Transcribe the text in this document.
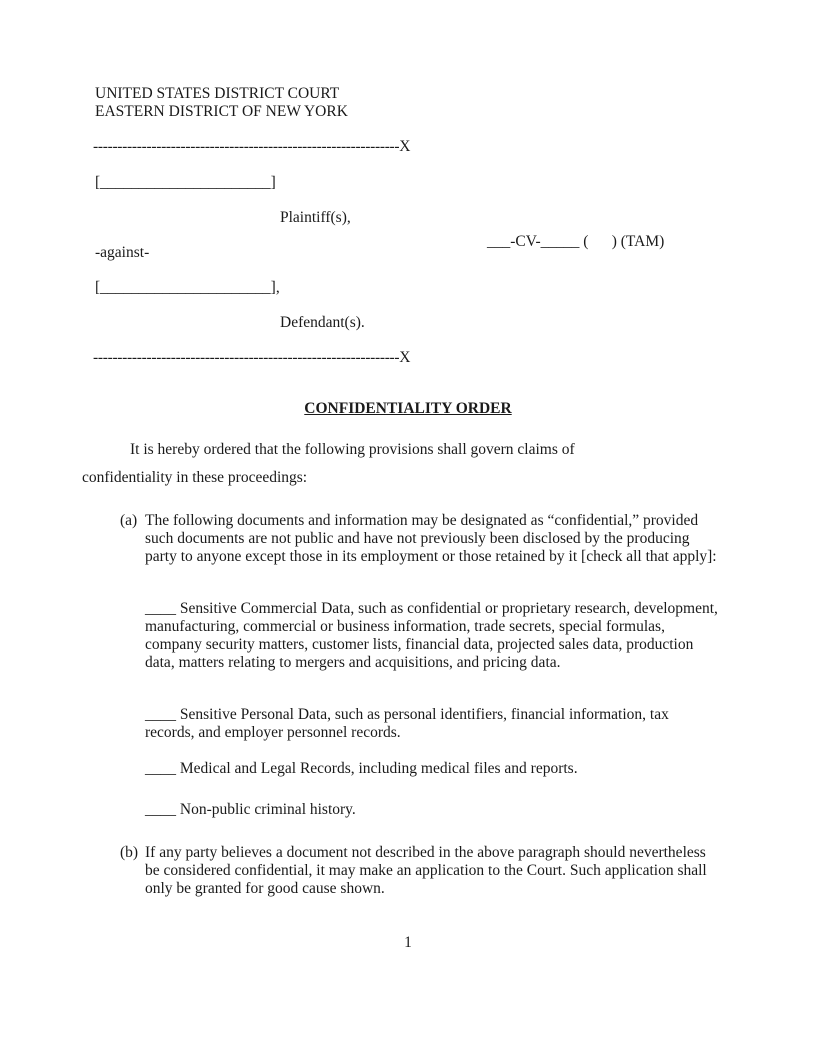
UNITED STATES DISTRICT COURT
EASTERN DISTRICT OF NEW YORK
---------------------------------------------------------------X
[______________________]
Plaintiff(s),
-against-
___-CV-_____ (      ) (TAM)
[______________________],
Defendant(s).
---------------------------------------------------------------X
CONFIDENTIALITY ORDER
It is hereby ordered that the following provisions shall govern claims of
confidentiality in these proceedings:
(a) The following documents and information may be designated as “confidential,” provided such documents are not public and have not previously been disclosed by the producing party to anyone except those in its employment or those retained by it [check all that apply]:
____ Sensitive Commercial Data, such as confidential or proprietary research, development, manufacturing, commercial or business information, trade secrets, special formulas, company security matters, customer lists, financial data, projected sales data, production data, matters relating to mergers and acquisitions, and pricing data.
____ Sensitive Personal Data, such as personal identifiers, financial information, tax records, and employer personnel records.
____ Medical and Legal Records, including medical files and reports.
____ Non-public criminal history.
(b) If any party believes a document not described in the above paragraph should nevertheless be considered confidential, it may make an application to the Court. Such application shall only be granted for good cause shown.
1
